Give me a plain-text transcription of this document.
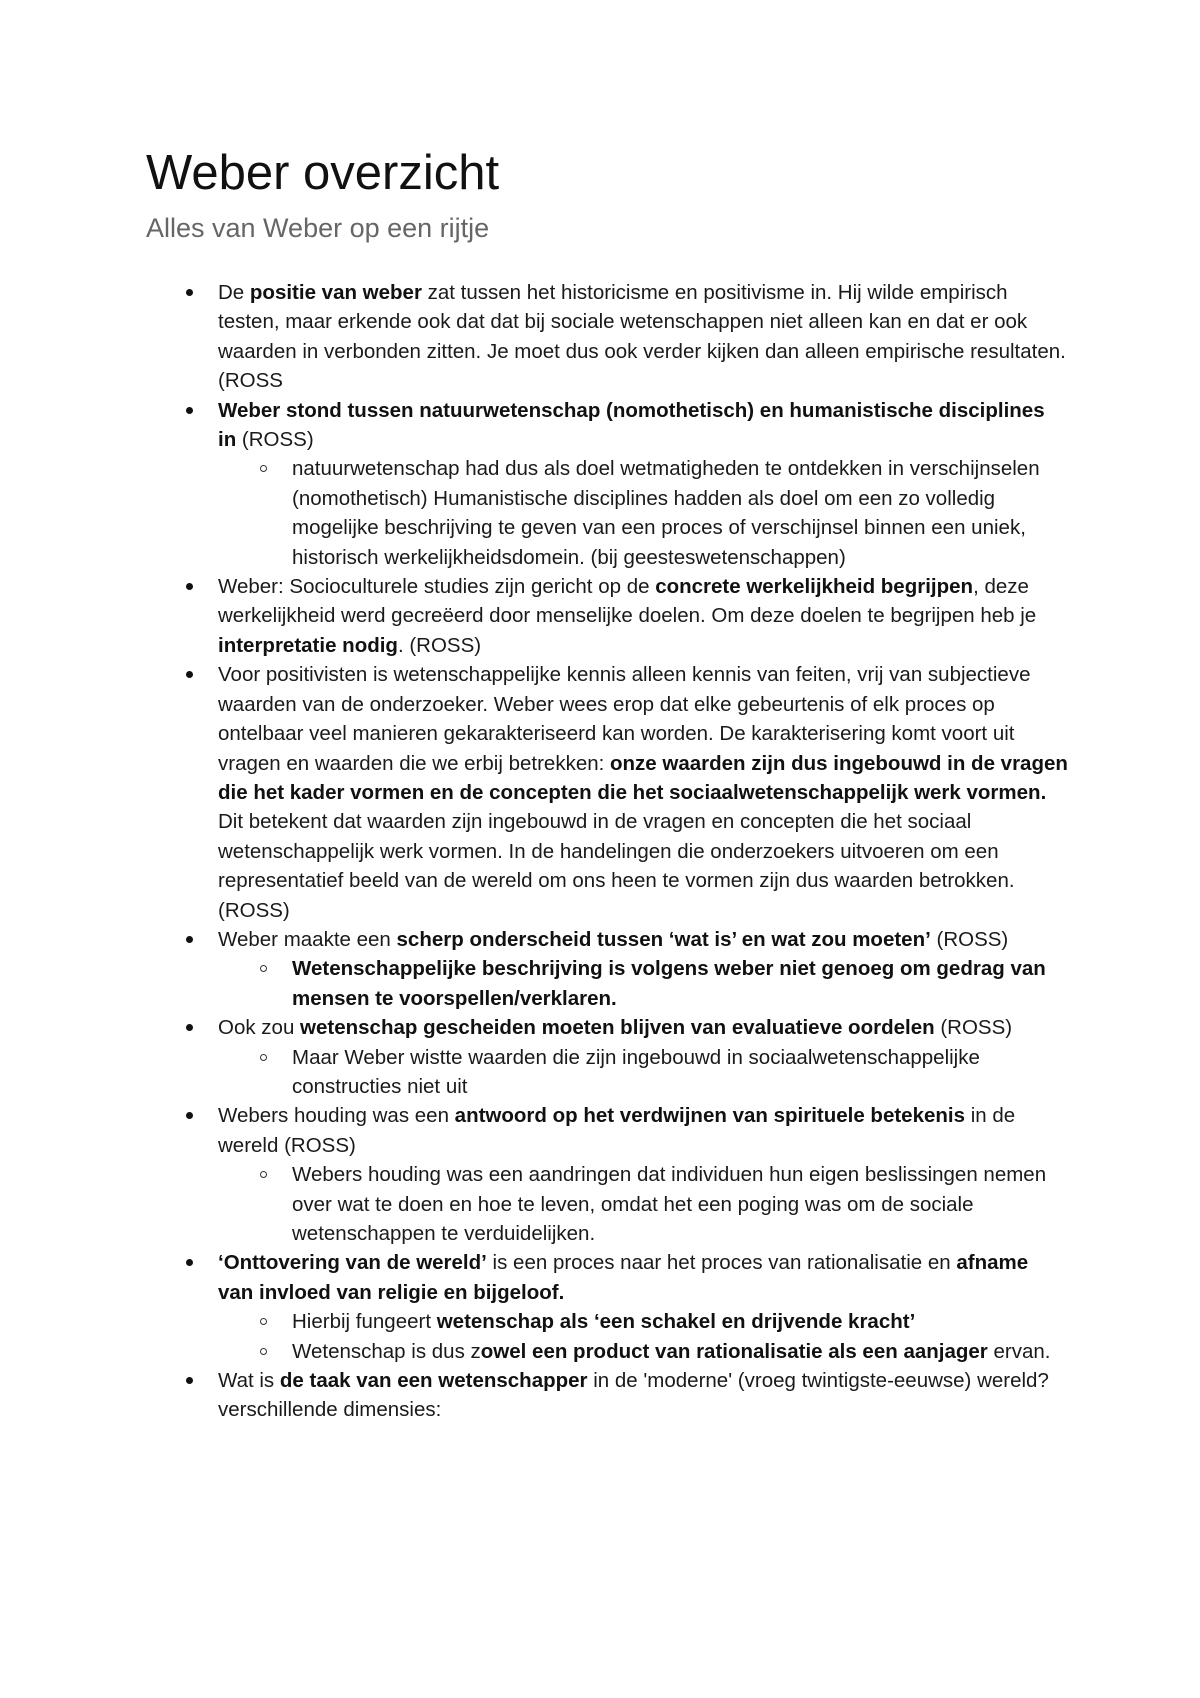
Weber overzicht
Alles van Weber op een rijtje
De positie van weber zat tussen het historicisme en positivisme in. Hij wilde empirisch testen, maar erkende ook dat dat bij sociale wetenschappen niet alleen kan en dat er ook waarden in verbonden zitten. Je moet dus ook verder kijken dan alleen empirische resultaten. (ROSS
Weber stond tussen natuurwetenschap (nomothetisch) en humanistische disciplines in (ROSS)
natuurwetenschap had dus als doel wetmatigheden te ontdekken in verschijnselen (nomothetisch) Humanistische disciplines hadden als doel om een zo volledig mogelijke beschrijving te geven van een proces of verschijnsel binnen een uniek, historisch werkelijkheidsdomein. (bij geesteswetenschappen)
Weber: Socioculturele studies zijn gericht op de concrete werkelijkheid begrijpen, deze werkelijkheid werd gecreëerd door menselijke doelen. Om deze doelen te begrijpen heb je interpretatie nodig. (ROSS)
Voor positivisten is wetenschappelijke kennis alleen kennis van feiten, vrij van subjectieve waarden van de onderzoeker. Weber wees erop dat elke gebeurtenis of elk proces op ontelbaar veel manieren gekarakteriseerd kan worden. De karakterisering komt voort uit vragen en waarden die we erbij betrekken: onze waarden zijn dus ingebouwd in de vragen die het kader vormen en de concepten die het sociaalwetenschappelijk werk vormen. Dit betekent dat waarden zijn ingebouwd in de vragen en concepten die het sociaal wetenschappelijk werk vormen. In de handelingen die onderzoekers uitvoeren om een representatief beeld van de wereld om ons heen te vormen zijn dus waarden betrokken. (ROSS)
Weber maakte een scherp onderscheid tussen ‘wat is’ en wat zou moeten’ (ROSS)
Wetenschappelijke beschrijving is volgens weber niet genoeg om gedrag van mensen te voorspellen/verklaren.
Ook zou wetenschap gescheiden moeten blijven van evaluatieve oordelen (ROSS)
Maar Weber wistte waarden die zijn ingebouwd in sociaalwetenschappelijke constructies niet uit
Webers houding was een antwoord op het verdwijnen van spirituele betekenis in de wereld (ROSS)
Webers houding was een aandringen dat individuen hun eigen beslissingen nemen over wat te doen en hoe te leven, omdat het een poging was om de sociale wetenschappen te verduidelijken.
‘Onttovering van de wereld’ is een proces naar het proces van rationalisatie en afname van invloed van religie en bijgeloof.
Hierbij fungeert wetenschap als ‘een schakel en drijvende kracht’
Wetenschap is dus zowel een product van rationalisatie als een aanjager ervan.
Wat is de taak van een wetenschapper in de 'moderne' (vroeg twintigste-eeuwse) wereld? verschillende dimensies:
